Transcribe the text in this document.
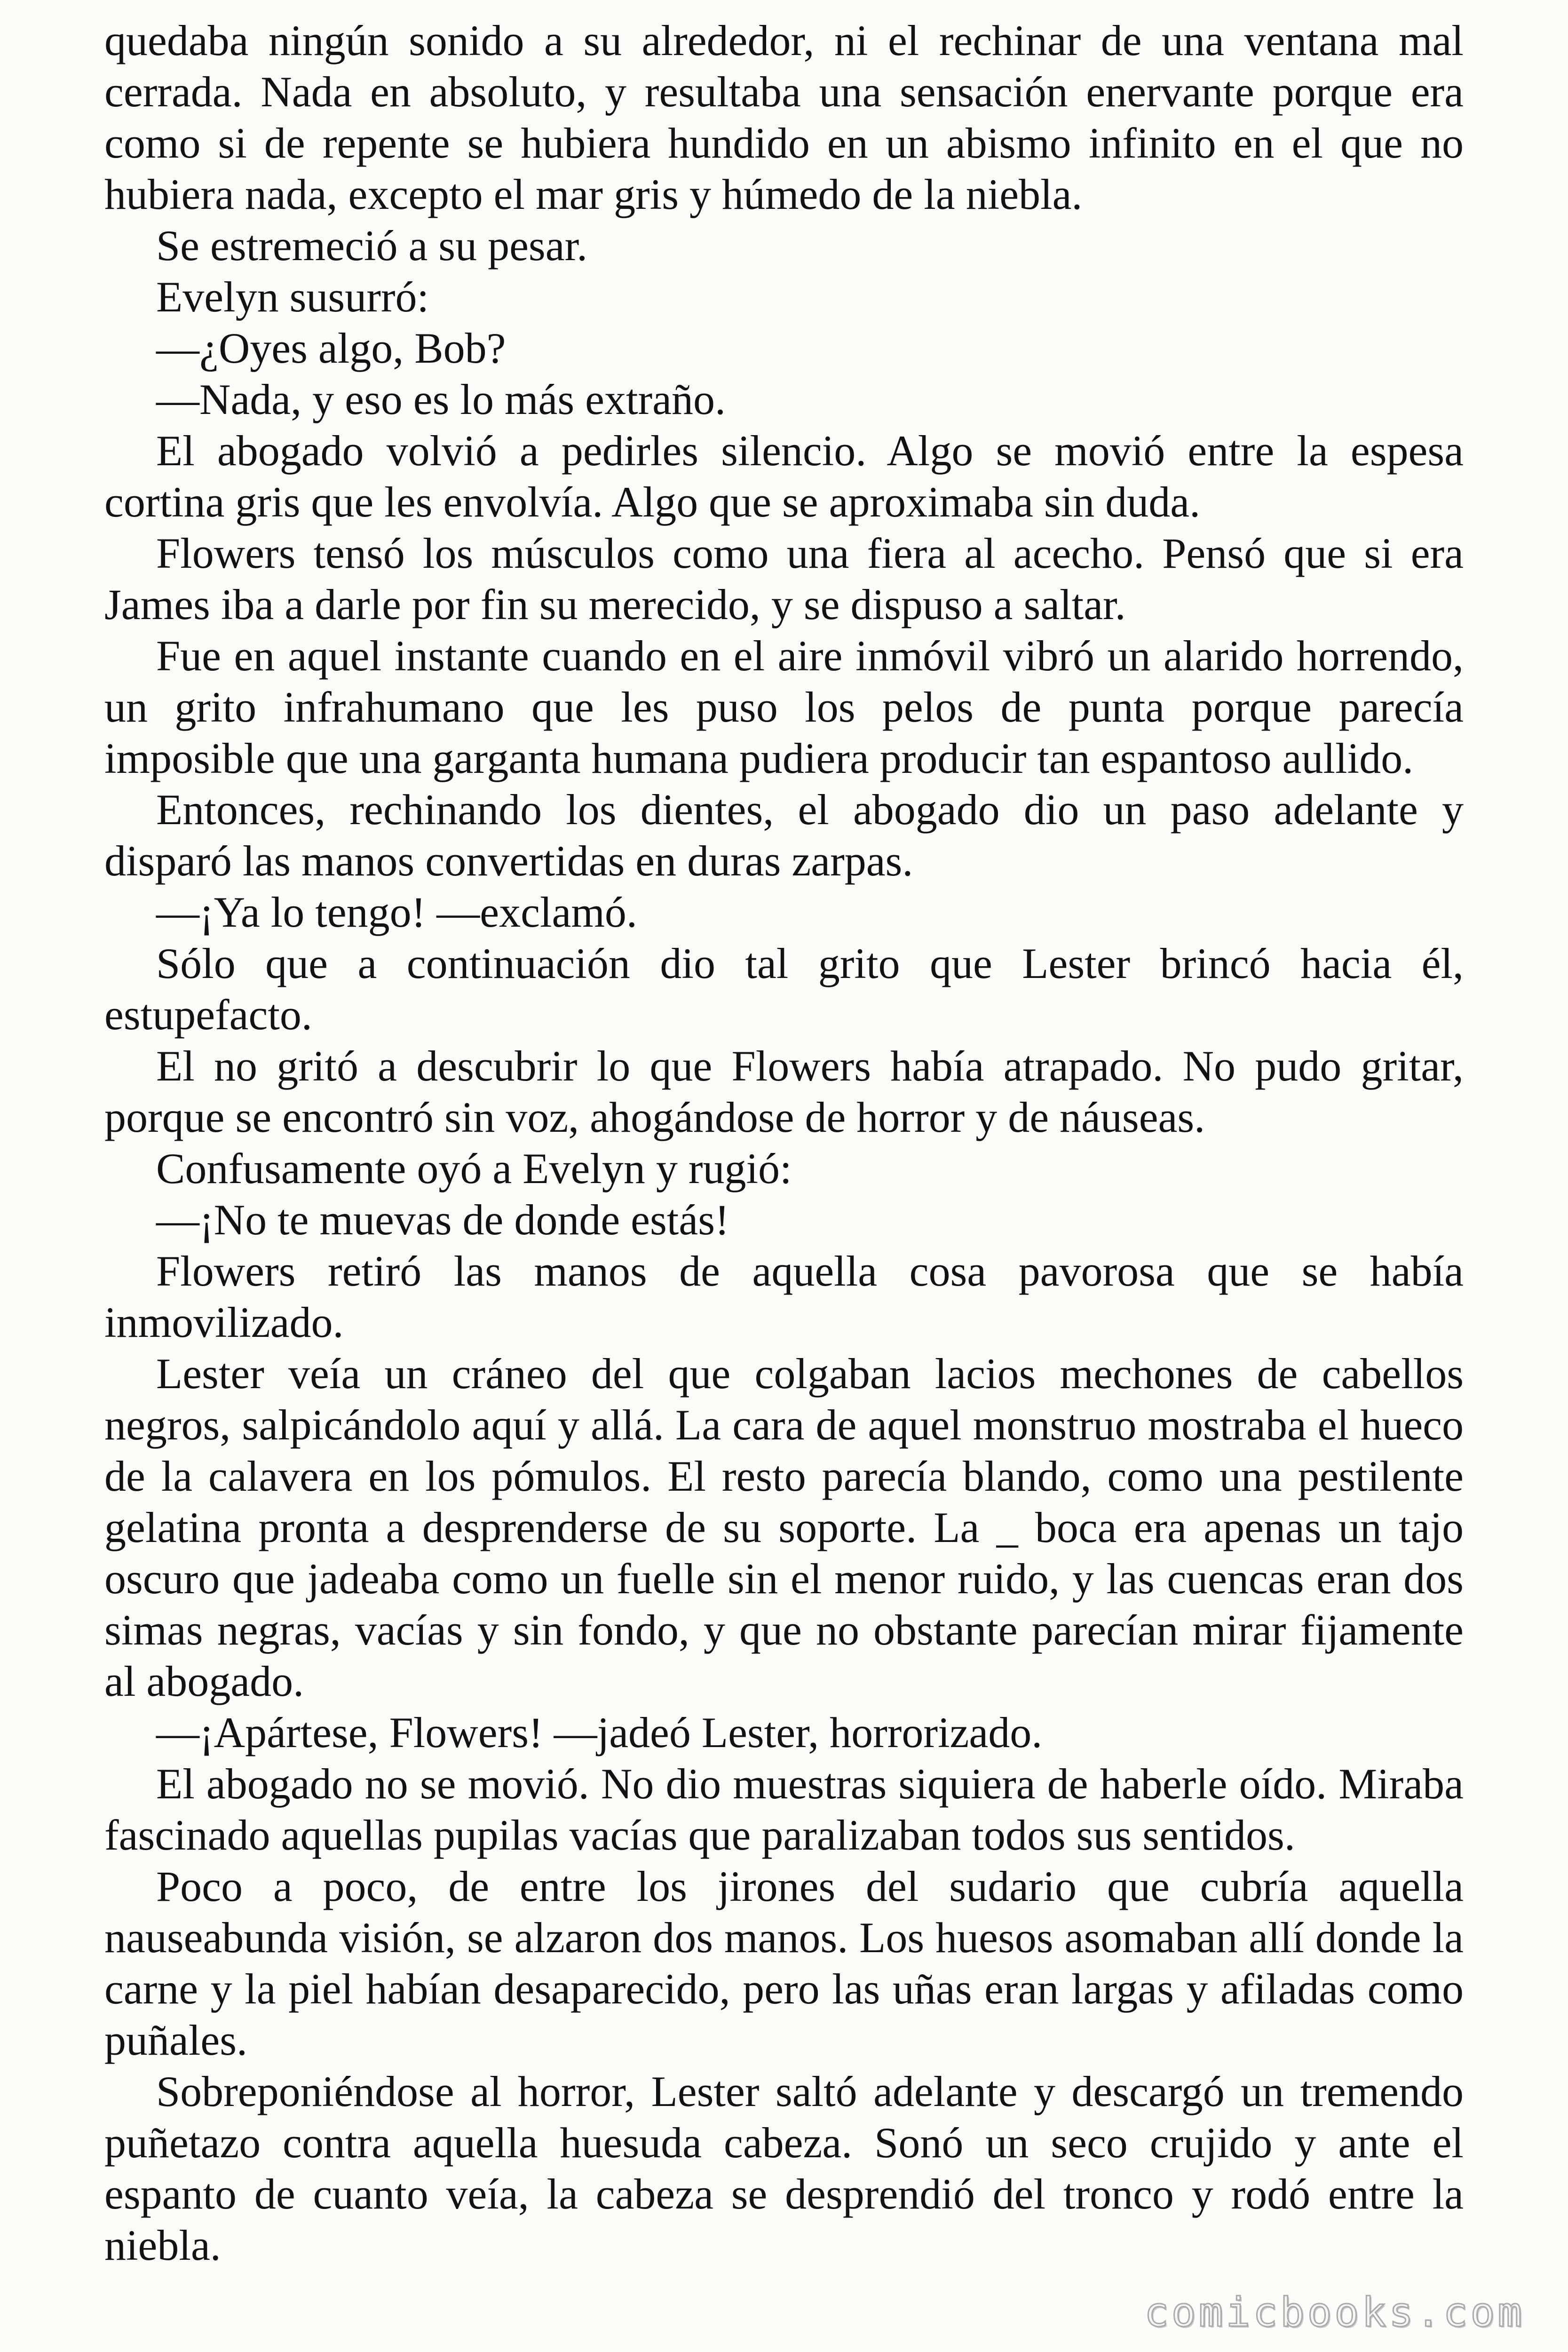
quedaba ningún sonido a su alrededor, ni el rechinar de una ventana mal cerrada. Nada en absoluto, y resultaba una sensación enervante porque era como si de repente se hubiera hundido en un abismo infinito en el que no hubiera nada, excepto el mar gris y húmedo de la niebla.

Se estremeció a su pesar.

Evelyn susurró:

—¿Oyes algo, Bob?

—Nada, y eso es lo más extraño.

El abogado volvió a pedirles silencio. Algo se movió entre la espesa cortina gris que les envolvía. Algo que se aproximaba sin duda.

Flowers tensó los músculos como una fiera al acecho. Pensó que si era James iba a darle por fin su merecido, y se dispuso a saltar.

Fue en aquel instante cuando en el aire inmóvil vibró un alarido horrendo, un grito infrahumano que les puso los pelos de punta porque parecía imposible que una garganta humana pudiera producir tan espantoso aullido.

Entonces, rechinando los dientes, el abogado dio un paso adelante y disparó las manos convertidas en duras zarpas.

—¡Ya lo tengo! —exclamó.

Sólo que a continuación dio tal grito que Lester brincó hacia él, estupefacto.

El no gritó a descubrir lo que Flowers había atrapado. No pudo gritar, porque se encontró sin voz, ahogándose de horror y de náuseas.

Confusamente oyó a Evelyn y rugió:

—¡No te muevas de donde estás!

Flowers retiró las manos de aquella cosa pavorosa que se había inmovilizado.

Lester veía un cráneo del que colgaban lacios mechones de cabellos negros, salpicándolo aquí y allá. La cara de aquel monstruo mostraba el hueco de la calavera en los pómulos. El resto parecía blando, como una pestilente gelatina pronta a desprenderse de su soporte. La _ boca era apenas un tajo oscuro que jadeaba como un fuelle sin el menor ruido, y las cuencas eran dos simas negras, vacías y sin fondo, y que no obstante parecían mirar fijamente al abogado.

—¡Apártese, Flowers! —jadeó Lester, horrorizado.

El abogado no se movió. No dio muestras siquiera de haberle oído. Miraba fascinado aquellas pupilas vacías que paralizaban todos sus sentidos.

Poco a poco, de entre los jirones del sudario que cubría aquella nauseabunda visión, se alzaron dos manos. Los huesos asomaban allí donde la carne y la piel habían desaparecido, pero las uñas eran largas y afiladas como puñales.

Sobreponiéndose al horror, Lester saltó adelante y descargó un tremendo puñetazo contra aquella huesuda cabeza. Sonó un seco crujido y ante el espanto de cuanto veía, la cabeza se desprendió del tronco y rodó entre la niebla.

comicbooks.com
